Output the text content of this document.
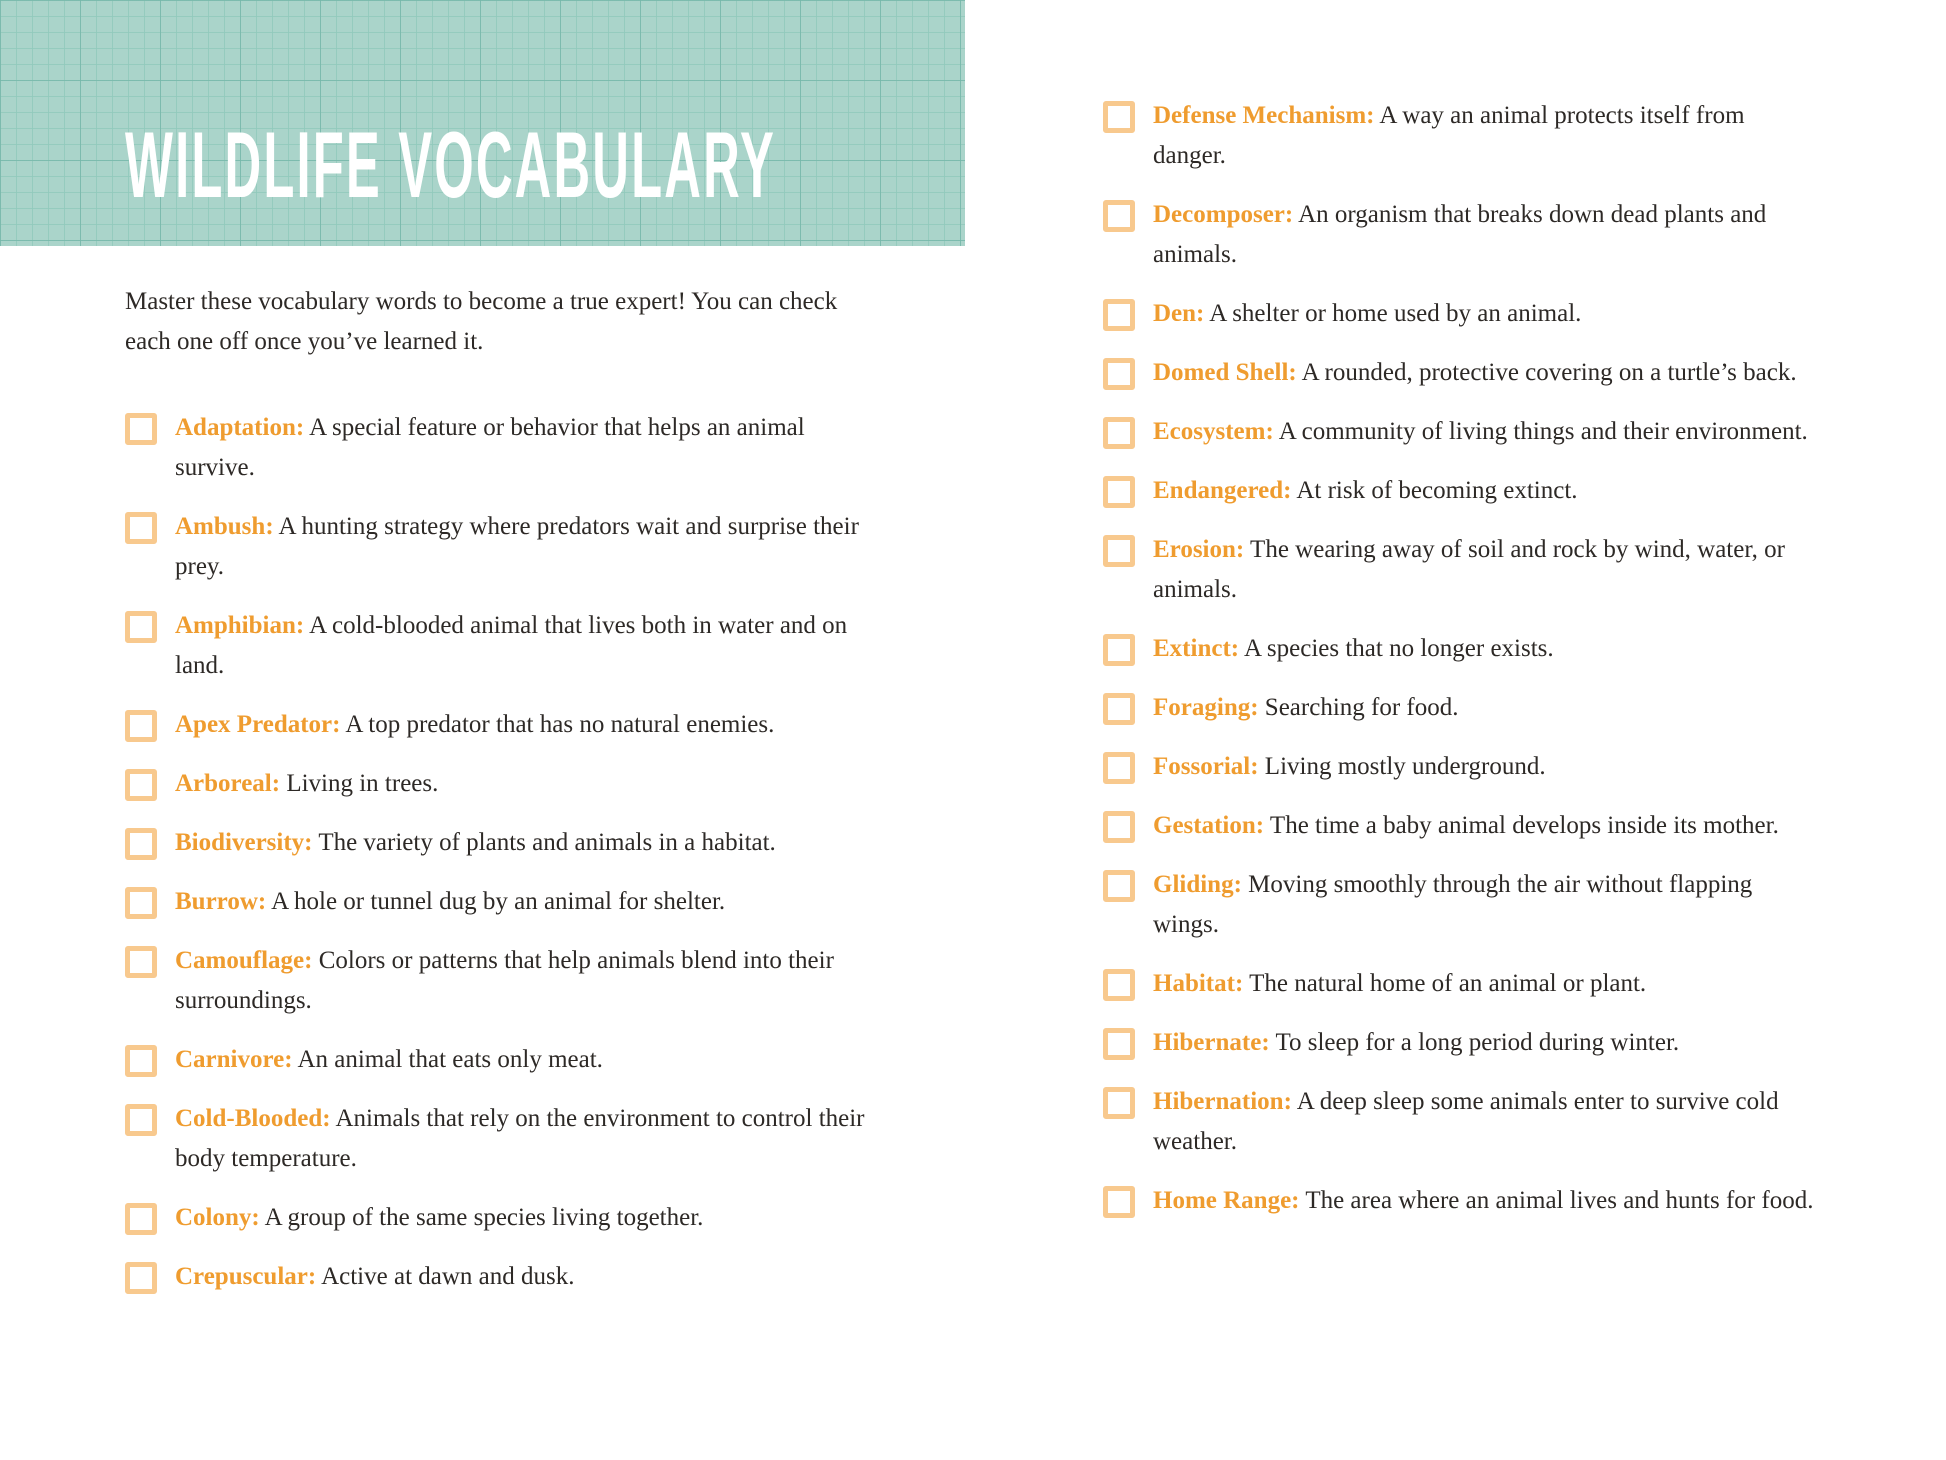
WILDLIFE VOCABULARY

Master these vocabulary words to become a true expert! You can check each one off once you’ve learned it.

Adaptation: A special feature or behavior that helps an animal survive.

Ambush: A hunting strategy where predators wait and surprise their prey.

Amphibian: A cold-blooded animal that lives both in water and on land.

Apex Predator: A top predator that has no natural enemies.

Arboreal: Living in trees.

Biodiversity: The variety of plants and animals in a habitat.

Burrow: A hole or tunnel dug by an animal for shelter.

Camouflage: Colors or patterns that help animals blend into their surroundings.

Carnivore: An animal that eats only meat.

Cold-Blooded: Animals that rely on the environment to control their body temperature.

Colony: A group of the same species living together.

Crepuscular: Active at dawn and dusk.

Defense Mechanism: A way an animal protects itself from danger.

Decomposer: An organism that breaks down dead plants and animals.

Den: A shelter or home used by an animal.

Domed Shell: A rounded, protective covering on a turtle’s back.

Ecosystem: A community of living things and their environment.

Endangered: At risk of becoming extinct.

Erosion: The wearing away of soil and rock by wind, water, or animals.

Extinct: A species that no longer exists.

Foraging: Searching for food.

Fossorial: Living mostly underground.

Gestation: The time a baby animal develops inside its mother.

Gliding: Moving smoothly through the air without flapping wings.

Habitat: The natural home of an animal or plant.

Hibernate: To sleep for a long period during winter.

Hibernation: A deep sleep some animals enter to survive cold weather.

Home Range: The area where an animal lives and hunts for food.
